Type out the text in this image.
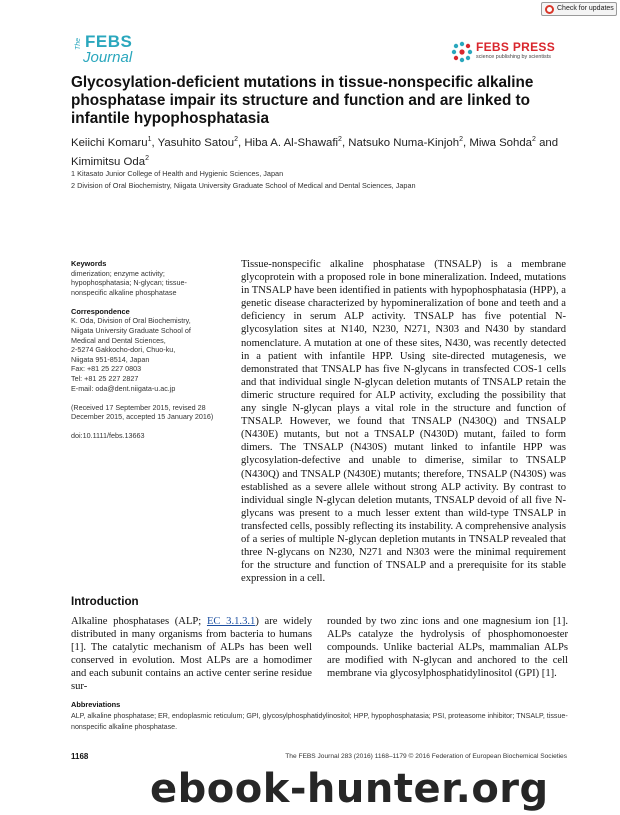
Check for updates
The FEBS
Journal
FEBS PRESS
science publishing by scientists
Glycosylation-deficient mutations in tissue-nonspecific alkaline phosphatase impair its structure and function and are linked to infantile hypophosphatasia
Keiichi Komaru$^1$, Yasuhito Satou$^2$, Hiba A. Al-Shawafi$^2$, Natsuko Numa-Kinjoh$^2$, Miwa Sohda$^2$ and Kimimitsu Oda$^2$
1 Kitasato Junior College of Health and Hygienic Sciences, Japan
2 Division of Oral Biochemistry, Niigata University Graduate School of Medical and Dental Sciences, Japan
Keywords
dimerization; enzyme activity;
hypophosphatasia; N-glycan; tissue-
nonspecific alkaline phosphatase
Correspondence
K. Oda, Division of Oral Biochemistry,
Niigata University Graduate School of
Medical and Dental Sciences,
2-5274 Gakkocho-dori, Chuo-ku,
Niigata 951-8514, Japan
Fax: +81 25 227 0803
Tel: +81 25 227 2827
E-mail: oda@dent.niigata-u.ac.jp
(Received 17 September 2015, revised 28
December 2015, accepted 15 January 2016)
doi:10.1111/febs.13663

Tissue-nonspecific alkaline phosphatase (TNSALP) is a membrane glycoprotein with a proposed role in bone mineralization. Indeed, mutations in TNSALP have been identified in patients with hypophosphatasia (HPP), a genetic disease characterized by hypomineralization of bone and teeth and a deficiency in serum ALP activity. TNSALP has five potential N-glycosylation sites at N140, N230, N271, N303 and N430 by standard nomenclature. A mutation at one of these sites, N430, was recently detected in a patient with infantile HPP. Using site-directed mutagenesis, we demonstrated that TNSALP has five N-glycans in transfected COS-1 cells and that individual single N-glycan deletion mutants of TNSALP retain the dimeric structure required for ALP activity, excluding the possibility that any single N-glycan plays a vital role in the structure and function of TNSALP. However, we found that TNSALP (N430Q) and TNSALP (N430E) mutants, but not a TNSALP (N430D) mutant, failed to form dimers. The TNSALP (N430S) mutant linked to infantile HPP was glycosylation-defective and unable to dimerise, similar to TNSALP (N430Q) and TNSALP (N430E) mutants; therefore, TNSALP (N430S) was established as a severe allele without strong ALP activity. By contrast to individual single N-glycan deletion mutants, TNSALP devoid of all five N-glycans was present to a much lesser extent than wild-type TNSALP in transfected cells, possibly reflecting its instability. A comprehensive analysis of a series of multiple N-glycan depletion mutants in TNSALP revealed that three N-glycans on N230, N271 and N303 were the minimal requirement for the structure and function of TNSALP and a prerequisite for its stable expression in a cell.

Introduction

Alkaline phosphatases (ALP; EC 3.1.3.1) are widely distributed in many organisms from bacteria to humans [1]. The catalytic mechanism of ALPs has been well conserved in evolution. Most ALPs are a homodimer and each subunit contains an active center serine residue sur-

rounded by two zinc ions and one magnesium ion [1]. ALPs catalyze the hydrolysis of phosphomonoester compounds. Unlike bacterial ALPs, mammalian ALPs are modified with N-glycan and anchored to the cell membrane via glycosylphosphatidylinositol (GPI) [1].

Abbreviations
ALP, alkaline phosphatase; ER, endoplasmic reticulum; GPI, glycosylphosphatidylinositol; HPP, hypophosphatasia; PSI, proteasome inhibitor; TNSALP, tissue-nonspecific alkaline phosphatase.
1168	The FEBS Journal 283 (2016) 1168–1179 © 2016 Federation of European Biochemical Societies
ebook-hunter.org
